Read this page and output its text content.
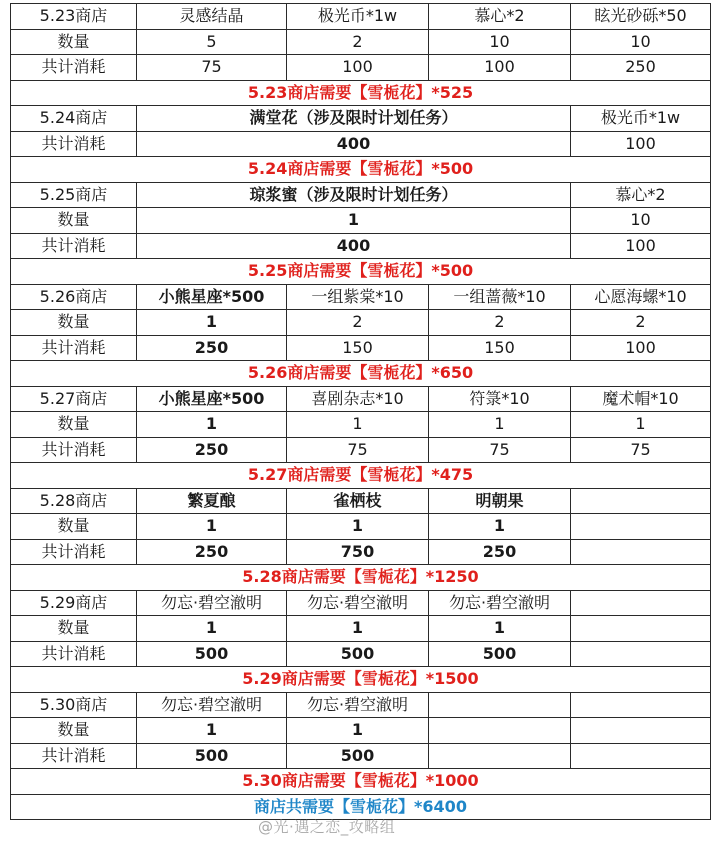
5.23商店	灵感结晶	极光币*1w	慕心*2	眩光砂砾*50
数量	5	2	10	10
共计消耗	75	100	100	250
5.23商店需要【雪栀花】*525				
5.24商店	满堂花（涉及限时计划任务）			极光币*1w
共计消耗	400			100
5.24商店需要【雪栀花】*500				
5.25商店	琼浆蜜（涉及限时计划任务）			慕心*2
数量	1			10
共计消耗	400			100
5.25商店需要【雪栀花】*500				
5.26商店	小熊星座*500	一组紫棠*10	一组蔷薇*10	心愿海螺*10
数量	1	2	2	2
共计消耗	250	150	150	100
5.26商店需要【雪栀花】*650				
5.27商店	小熊星座*500	喜剧杂志*10	符箓*10	魔术帽*10
数量	1	1	1	1
共计消耗	250	75	75	75
5.27商店需要【雪栀花】*475				
5.28商店	繁夏酿	雀栖枝	明朝果	
数量	1	1	1	
共计消耗	250	750	250	
5.28商店需要【雪栀花】*1250				
5.29商店	勿忘·碧空澈明	勿忘·碧空澈明	勿忘·碧空澈明	
数量	1	1	1	
共计消耗	500	500	500	
5.29商店需要【雪栀花】*1500				
5.30商店	勿忘·碧空澈明	勿忘·碧空澈明		
数量	1	1		
共计消耗	500	500		
5.30商店需要【雪栀花】*1000				
商店共需要【雪栀花】*6400				
@光·遇之恋_攻略组
